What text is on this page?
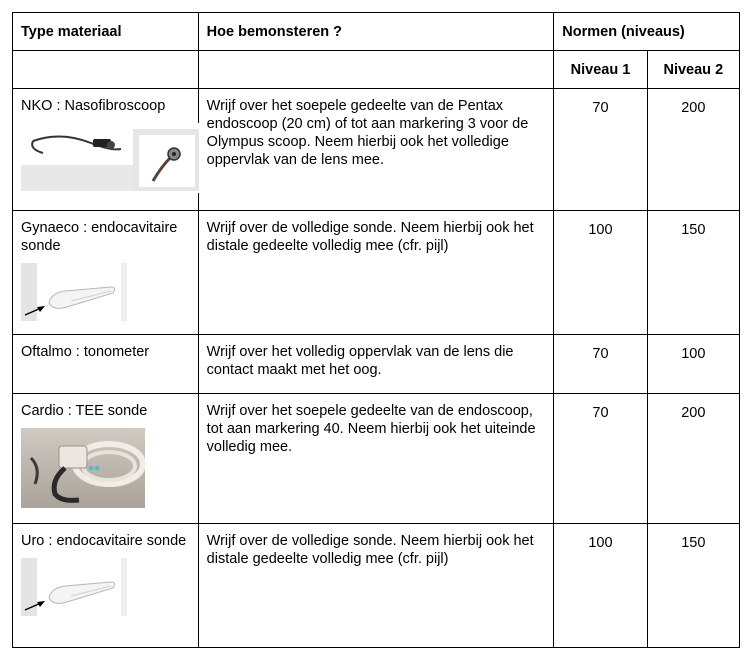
Type materiaal	Hoe bemonsteren ?	Normen (niveaus)	
		Niveau 1	Niveau 2

NKO : Nasofibroscoop	Wrijf over het soepele gedeelte van de Pentax endoscoop (20 cm) of tot aan markering 3 voor de Olympus scoop. Neem hierbij ook het volledige oppervlak van de lens mee.	70	200

Gynaeco : endocavitaire sonde	Wrijf over de volledige sonde. Neem hierbij ook het distale gedeelte volledig mee (cfr. pijl)	100	150

Oftalmo : tonometer	Wrijf over het volledig oppervlak van de lens die contact maakt met het oog.	70	100

Cardio : TEE sonde	Wrijf over het soepele gedeelte van de endoscoop, tot aan markering 40. Neem hierbij ook het uiteinde volledig mee.	70	200

Uro : endocavitaire sonde	Wrijf over de volledige sonde. Neem hierbij ook het distale gedeelte volledig mee (cfr. pijl)	100	150
